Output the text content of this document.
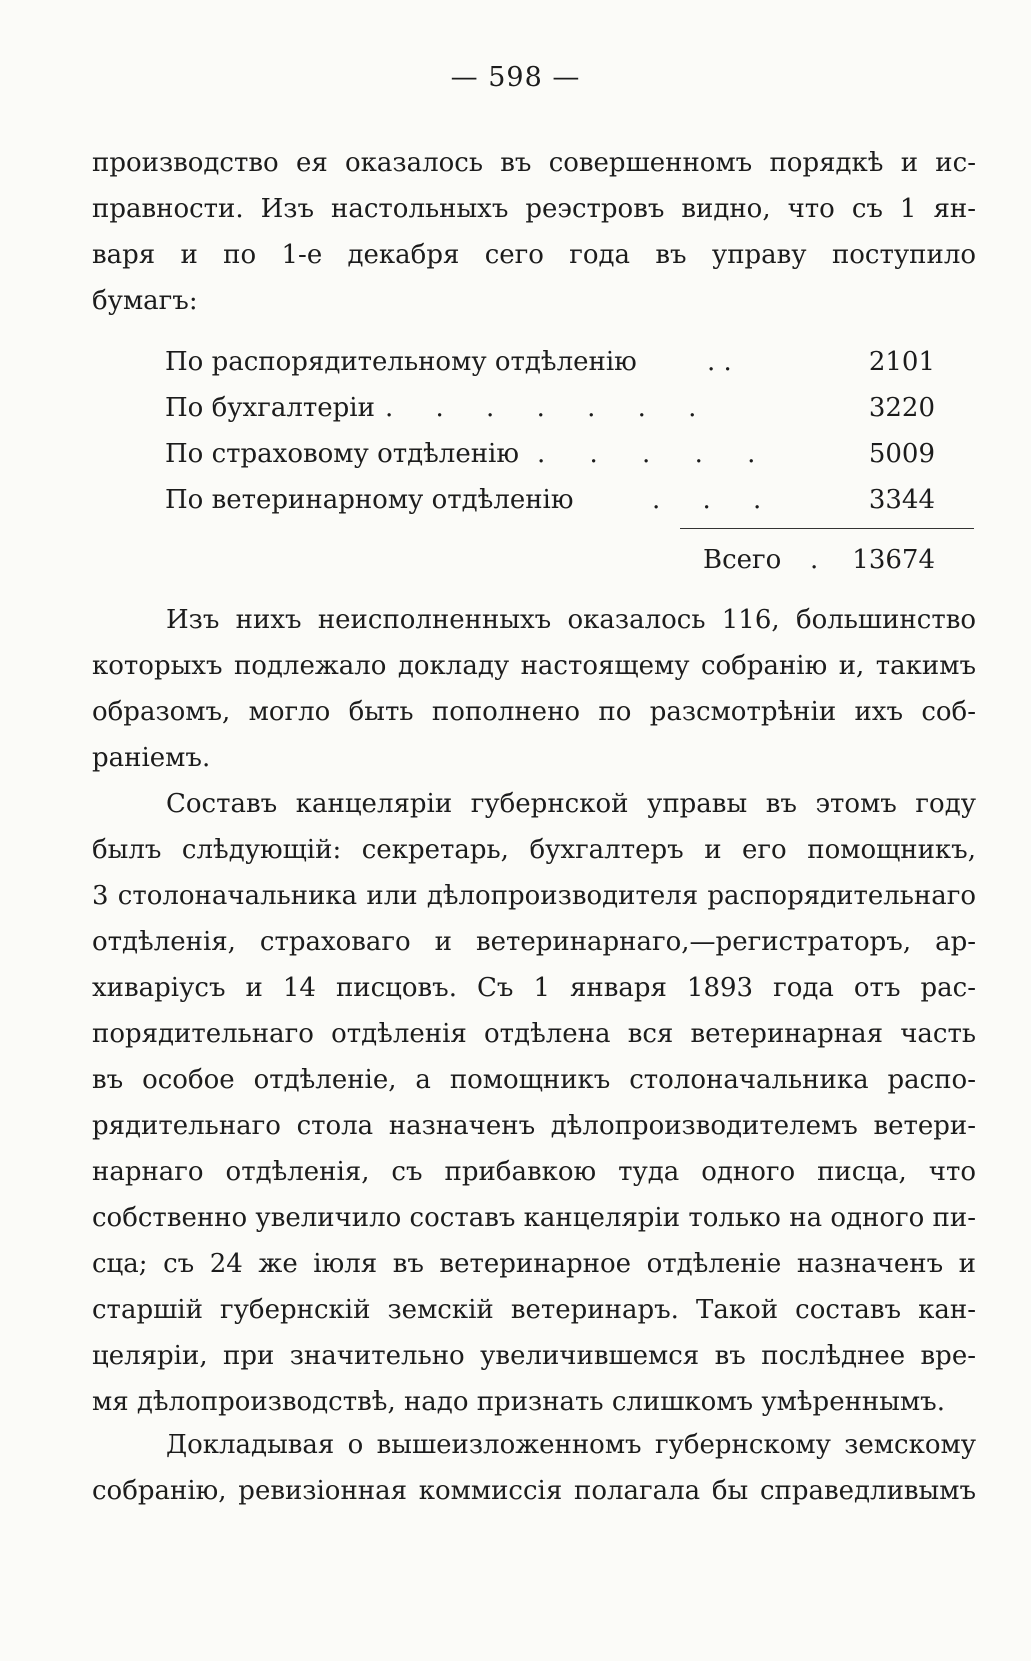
— 598 —
производство ея оказалось въ совершенномъ порядкѣ и ис-
правности. Изъ настольныхъ реэстровъ видно, что съ 1 ян-
варя и по 1-е декабря сего года въ управу поступило
бумагъ:
По распорядительному отдѣленію	. .	2101
По бухгалтеріи . . . . . . .	3220
По страховому отдѣленію . . . . .	5009
По ветеринарному отдѣленію	. . .	3344
Всего . 13674
Изъ нихъ неисполненныхъ оказалось 116, большинство
которыхъ подлежало докладу настоящему собранію и, такимъ
образомъ, могло быть пополнено по разсмотрѣніи ихъ соб-
раніемъ.
Составъ канцеляріи губернской управы въ этомъ году
былъ слѣдующій: секретарь, бухгалтеръ и его помощникъ,
3 столоначальника или дѣлопроизводителя распорядительнаго
отдѣленія, страховаго и ветеринарнаго,—регистраторъ, ар-
хиваріусъ и 14 писцовъ. Съ 1 января 1893 года отъ рас-
порядительнаго отдѣленія отдѣлена вся ветеринарная часть
въ особое отдѣленіе, а помощникъ столоначальника распо-
рядительнаго стола назначенъ дѣлопроизводителемъ ветери-
нарнаго отдѣленія, съ прибавкою туда одного писца, что
собственно увеличило составъ канцеляріи только на одного пи-
сца; съ 24 же іюля въ ветеринарное отдѣленіе назначенъ и
старшій губернскій земскій ветеринаръ. Такой составъ кан-
целяріи, при значительно увеличившемся въ послѣднее вре-
мя дѣлопроизводствѣ, надо признать слишкомъ умѣреннымъ.
Докладывая о вышеизложенномъ губернскому земскому
собранію, ревизіонная коммиссія полагала бы справедливымъ
